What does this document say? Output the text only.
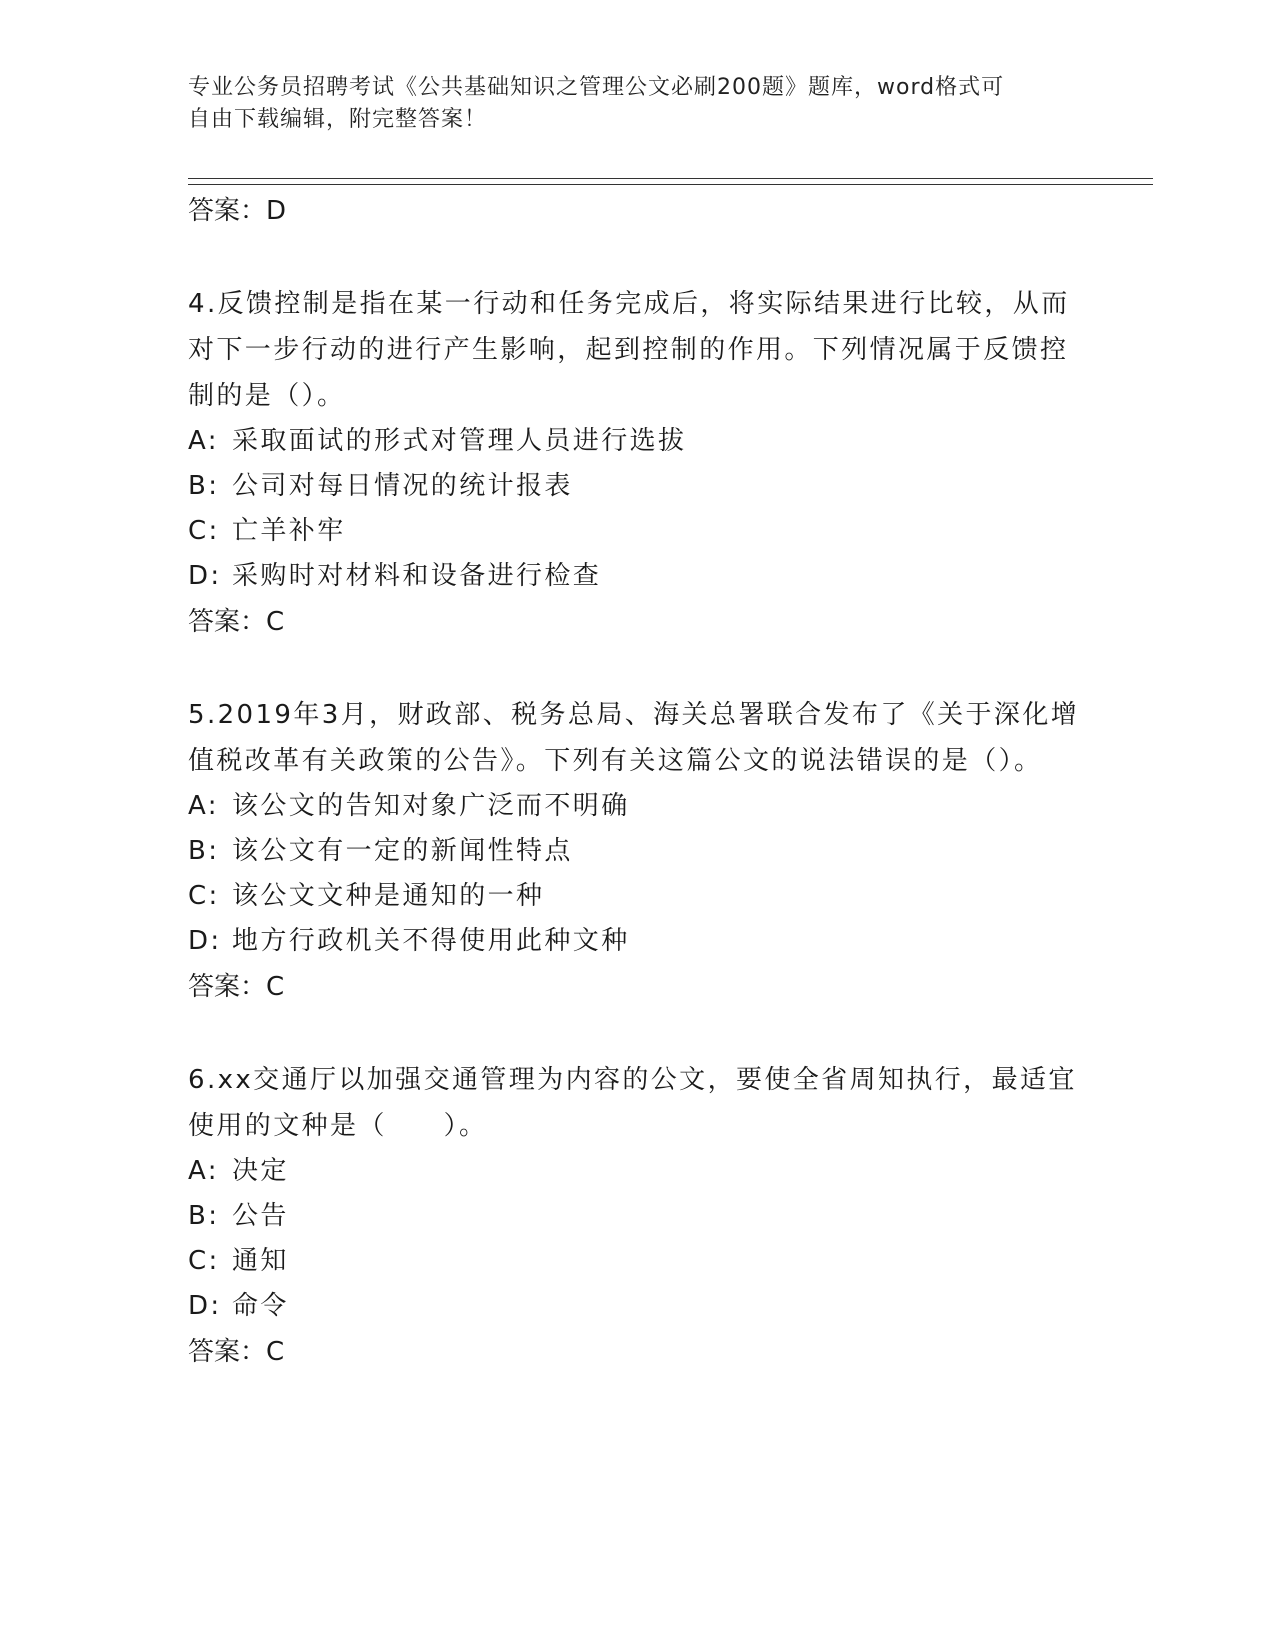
专业公务员招聘考试《公共基础知识之管理公文必刷200题》题库，word格式可
自由下载编辑，附完整答案！

答案：D

4.反馈控制是指在某一行动和任务完成后，将实际结果进行比较，从而对下一步行动的进行产生影响，起到控制的作用。下列情况属于反馈控制的是（）。

A: 采取面试的形式对管理人员进行选拔
B: 公司对每日情况的统计报表
C: 亡羊补牢
D: 采购时对材料和设备进行检查

答案：C

5.2019年3月，财政部、税务总局、海关总署联合发布了《关于深化增值税改革有关政策的公告》。下列有关这篇公文的说法错误的是（）。

A: 该公文的告知对象广泛而不明确
B: 该公文有一定的新闻性特点
C: 该公文文种是通知的一种
D: 地方行政机关不得使用此种文种

答案：C

6.xx交通厅以加强交通管理为内容的公文，要使全省周知执行，最适宜使用的文种是（　　）。

A: 决定
B: 公告
C: 通知
D: 命令

答案：C
